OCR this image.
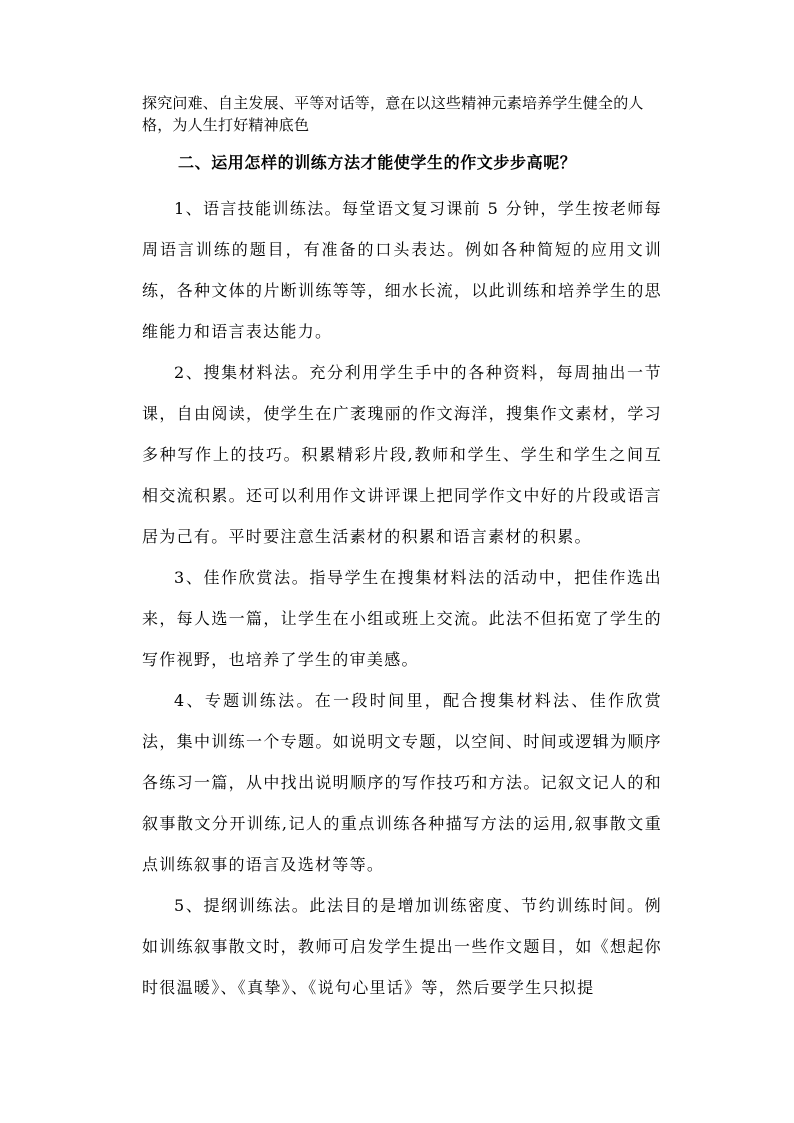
探究问难、自主发展、平等对话等，意在以这些精神元素培养学生健全的人

格，为人生打好精神底色

二、运用怎样的训练方法才能使学生的作文步步高呢？

1、语言技能训练法。每堂语文复习课前 5 分钟，学生按老师每周语言训练的题目，有准备的口头表达。例如各种简短的应用文训练，各种文体的片断训练等等，细水长流，以此训练和培养学生的思维能力和语言表达能力。

2、搜集材料法。充分利用学生手中的各种资料，每周抽出一节课，自由阅读，使学生在广袤瑰丽的作文海洋，搜集作文素材，学习多种写作上的技巧。积累精彩片段,教师和学生、学生和学生之间互相交流积累。还可以利用作文讲评课上把同学作文中好的片段或语言居为己有。平时要注意生活素材的积累和语言素材的积累。

3、佳作欣赏法。指导学生在搜集材料法的活动中，把佳作选出来，每人选一篇，让学生在小组或班上交流。此法不但拓宽了学生的写作视野，也培养了学生的审美感。

4、专题训练法。在一段时间里，配合搜集材料法、佳作欣赏法，集中训练一个专题。如说明文专题，以空间、时间或逻辑为顺序各练习一篇，从中找出说明顺序的写作技巧和方法。记叙文记人的和叙事散文分开训练,记人的重点训练各种描写方法的运用,叙事散文重点训练叙事的语言及选材等等。

5、提纲训练法。此法目的是增加训练密度、节约训练时间。例如训练叙事散文时，教师可启发学生提出一些作文题目，如《想起你时很温暖》、《真挚》、《说句心里话》等，然后要学生只拟提
